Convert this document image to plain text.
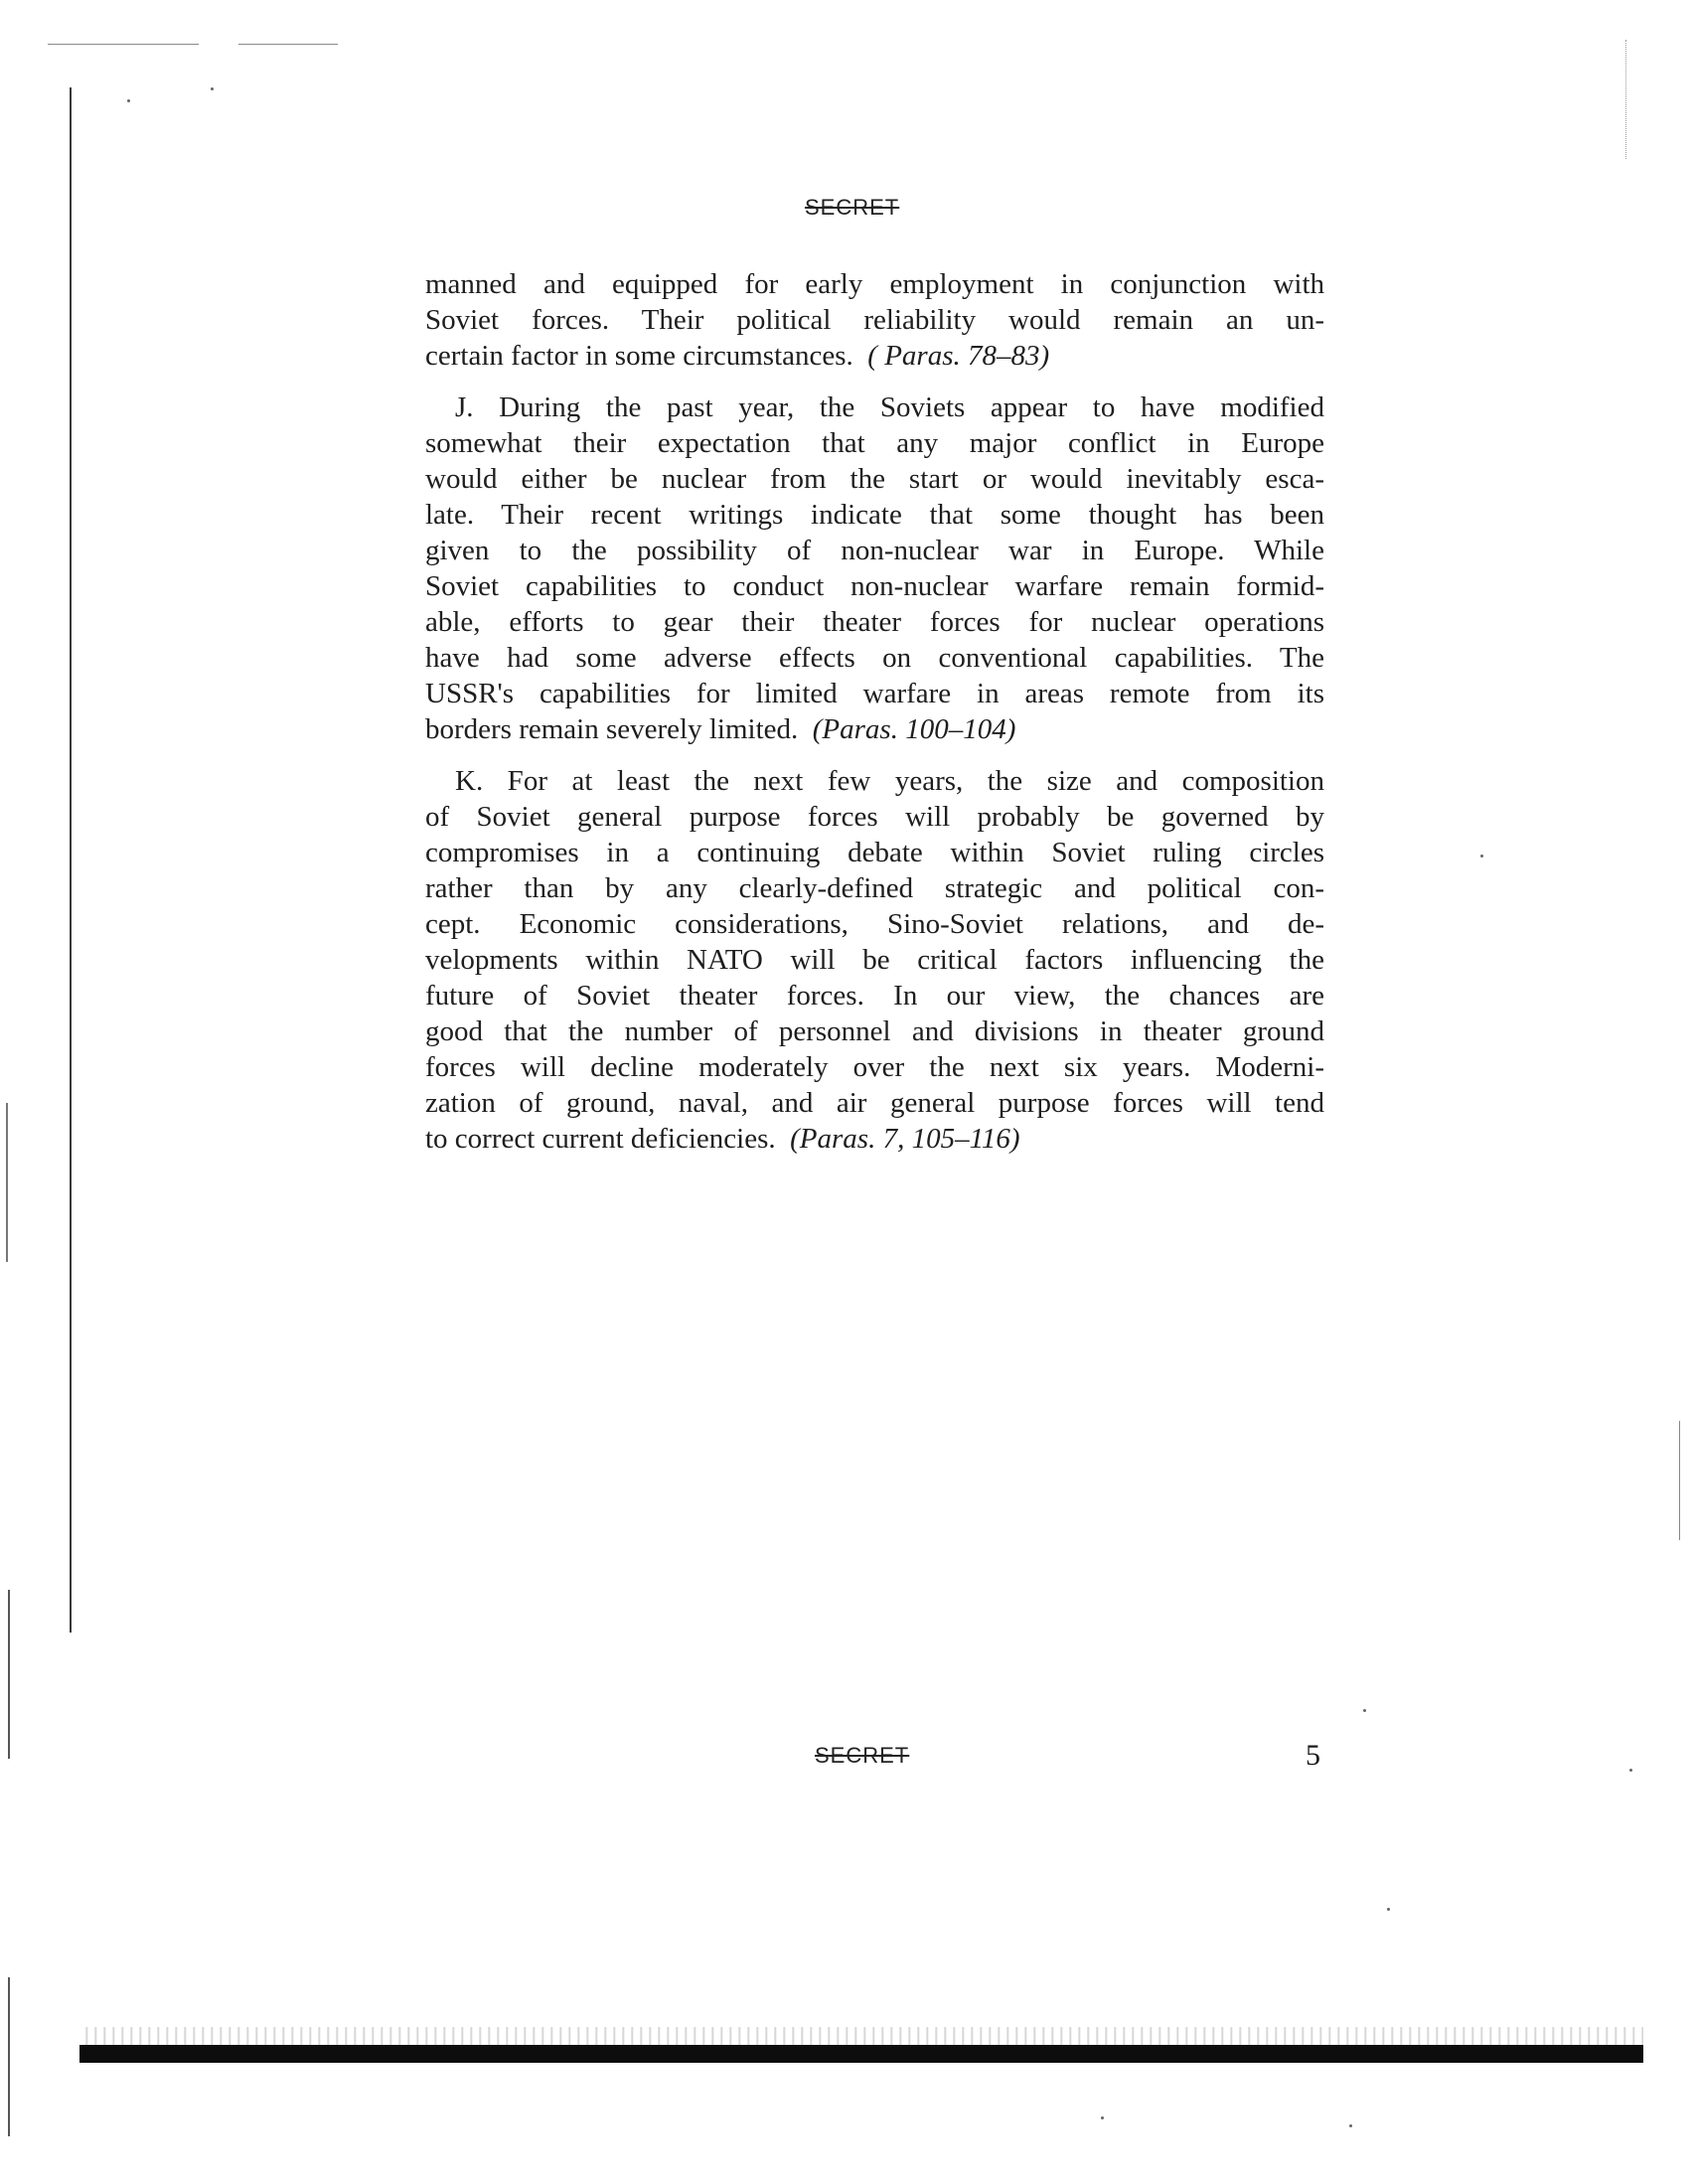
SECRET
manned and equipped for early employment in conjunction with
Soviet forces. Their political reliability would remain an un-
certain factor in some circumstances. ( Paras. 78–83)
J. During the past year, the Soviets appear to have modified
somewhat their expectation that any major conflict in Europe
would either be nuclear from the start or would inevitably esca-
late. Their recent writings indicate that some thought has been
given to the possibility of non-nuclear war in Europe. While
Soviet capabilities to conduct non-nuclear warfare remain formid-
able, efforts to gear their theater forces for nuclear operations
have had some adverse effects on conventional capabilities. The
USSR's capabilities for limited warfare in areas remote from its
borders remain severely limited. (Paras. 100–104)
K. For at least the next few years, the size and composition
of Soviet general purpose forces will probably be governed by
compromises in a continuing debate within Soviet ruling circles
rather than by any clearly-defined strategic and political con-
cept. Economic considerations, Sino-Soviet relations, and de-
velopments within NATO will be critical factors influencing the
future of Soviet theater forces. In our view, the chances are
good that the number of personnel and divisions in theater ground
forces will decline moderately over the next six years. Moderni-
zation of ground, naval, and air general purpose forces will tend
to correct current deficiencies. (Paras. 7, 105–116)
SECRET	5
